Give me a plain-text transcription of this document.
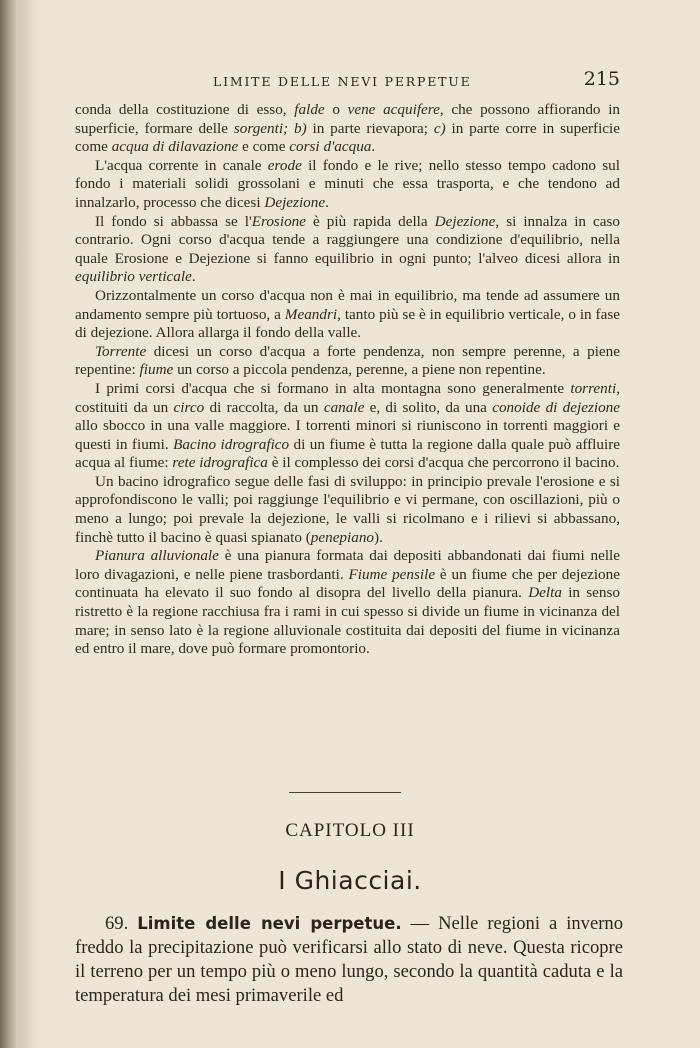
LIMITE DELLE NEVI PERPETUE	215

conda della costituzione di esso, falde o vene acquifere, che possono affiorando in superficie, formare delle sorgenti; b) in parte rievapora; c) in parte corre in superficie come acqua di dilavazione e come corsi d'acqua.

L'acqua corrente in canale erode il fondo e le rive; nello stesso tempo cadono sul fondo i materiali solidi grossolani e minuti che essa trasporta, e che tendono ad innalzarlo, processo che dicesi Dejezione.

Il fondo si abbassa se l'Erosione è più rapida della Dejezione, si innalza in caso contrario. Ogni corso d'acqua tende a raggiungere una condizione d'equilibrio, nella quale Erosione e Dejezione si fanno equilibrio in ogni punto; l'alveo dicesi allora in equilibrio verticale.

Orizzontalmente un corso d'acqua non è mai in equilibrio, ma tende ad assumere un andamento sempre più tortuoso, a Meandri, tanto più se è in equilibrio verticale, o in fase di dejezione. Allora allarga il fondo della valle.

Torrente dicesi un corso d'acqua a forte pendenza, non sempre perenne, a piene repentine: fiume un corso a piccola pendenza, perenne, a piene non repentine.

I primi corsi d'acqua che si formano in alta montagna sono generalmente torrenti, costituiti da un circo di raccolta, da un canale e, di solito, da una conoide di dejezione allo sbocco in una valle maggiore. I torrenti minori si riuniscono in torrenti maggiori e questi in fiumi. Bacino idrografico di un fiume è tutta la regione dalla quale può affluire acqua al fiume: rete idrografica è il complesso dei corsi d'acqua che percorrono il bacino.

Un bacino idrografico segue delle fasi di sviluppo: in principio prevale l'erosione e si approfondiscono le valli; poi raggiunge l'equilibrio e vi permane, con oscillazioni, più o meno a lungo; poi prevale la dejezione, le valli si ricolmano e i rilievi si abbassano, finchè tutto il bacino è quasi spianato (penepiano).

Pianura alluvionale è una pianura formata dai depositi abbandonati dai fiumi nelle loro divagazioni, e nelle piene trasbordanti. Fiume pensile è un fiume che per dejezione continuata ha elevato il suo fondo al disopra del livello della pianura. Delta in senso ristretto è la regione racchiusa fra i rami in cui spesso si divide un fiume in vicinanza del mare; in senso lato è la regione alluvionale costituita dai depositi del fiume in vicinanza ed entro il mare, dove può formare promontorio.

CAPITOLO III
I Ghiacciai.

69. Limite delle nevi perpetue. — Nelle regioni a inverno freddo la precipitazione può verificarsi allo stato di neve. Questa ricopre il terreno per un tempo più o meno lungo, secondo la quantità caduta e la temperatura dei mesi primaverile ed
